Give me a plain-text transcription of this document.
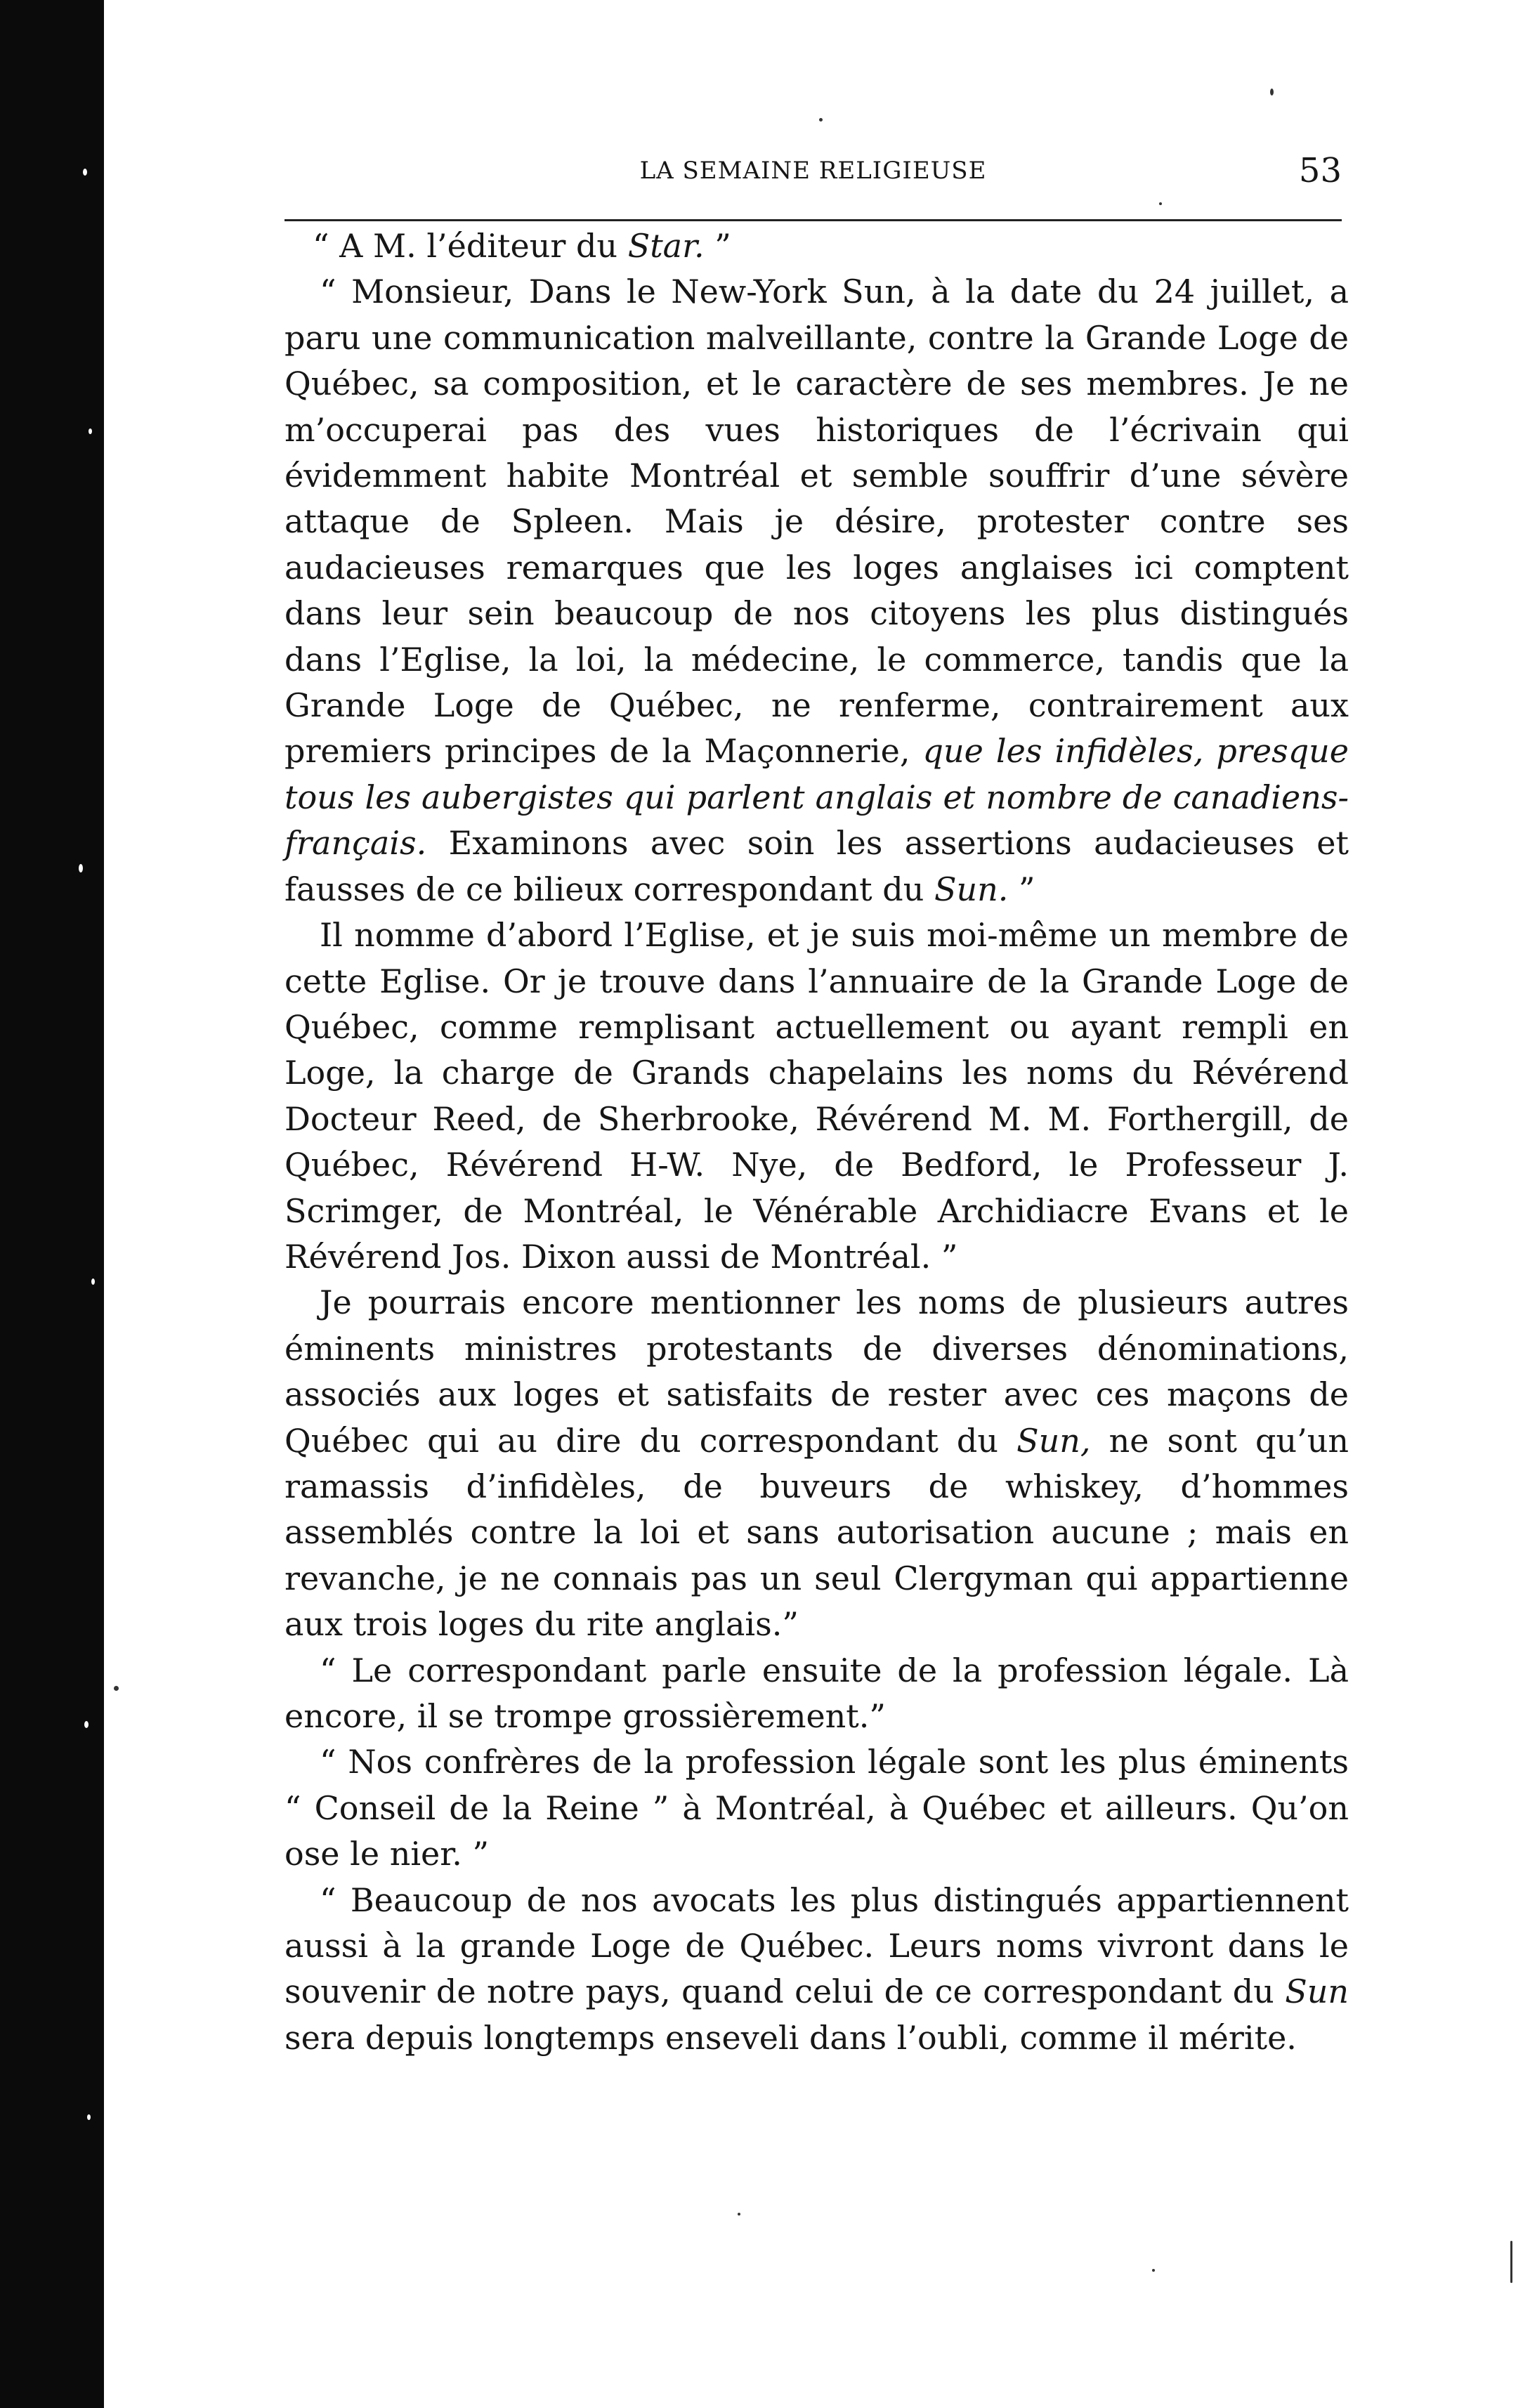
LA SEMAINE RELIGIEUSE	53

“ A M. l’éditeur du Star. ”

“ Monsieur, Dans le New-York Sun, à la date du 24 juillet, a paru une communication malveillante, contre la Grande Loge de Québec, sa composition, et le caractère de ses membres. Je ne m’occuperai pas des vues historiques de l’écrivain qui évidemment habite Montréal et semble souffrir d’une sévère attaque de Spleen. Mais je désire, protester contre ses audacieuses remarques que les loges anglaises ici comptent dans leur sein beaucoup de nos citoyens les plus distingués dans l’Eglise, la loi, la médecine, le commerce, tandis que la Grande Loge de Québec, ne renferme, contrairement aux premiers principes de la Maçonnerie, que les infidèles, presque tous les aubergistes qui parlent anglais et nombre de canadiens-français. Examinons avec soin les assertions audacieuses et fausses de ce bilieux correspondant du Sun. ”

Il nomme d’abord l’Eglise, et je suis moi-même un membre de cette Eglise. Or je trouve dans l’annuaire de la Grande Loge de Québec, comme remplisant actuellement ou ayant rempli en Loge, la charge de Grands chapelains les noms du Révérend Docteur Reed, de Sherbrooke, Révérend M. M. Forthergill, de Québec, Révérend H-W. Nye, de Bedford, le Professeur J. Scrimger, de Montréal, le Vénérable Archidiacre Evans et le Révérend Jos. Dixon aussi de Montréal. ”

Je pourrais encore mentionner les noms de plusieurs autres éminents ministres protestants de diverses dénominations, associés aux loges et satisfaits de rester avec ces maçons de Québec qui au dire du correspondant du Sun, ne sont qu’un ramassis d’infidèles, de buveurs de whiskey, d’hommes assemblés contre la loi et sans autorisation aucune ; mais en revanche, je ne connais pas un seul Clergyman qui appartienne aux trois loges du rite anglais.”

“ Le correspondant parle ensuite de la profession légale. Là encore, il se trompe grossièrement.”

“ Nos confrères de la profession légale sont les plus éminents “ Conseil de la Reine ” à Montréal, à Québec et ailleurs. Qu’on ose le nier. ”

“ Beaucoup de nos avocats les plus distingués appartiennent aussi à la grande Loge de Québec. Leurs noms vivront dans le souvenir de notre pays, quand celui de ce correspondant du Sun sera depuis longtemps enseveli dans l’oubli, comme il mérite.
